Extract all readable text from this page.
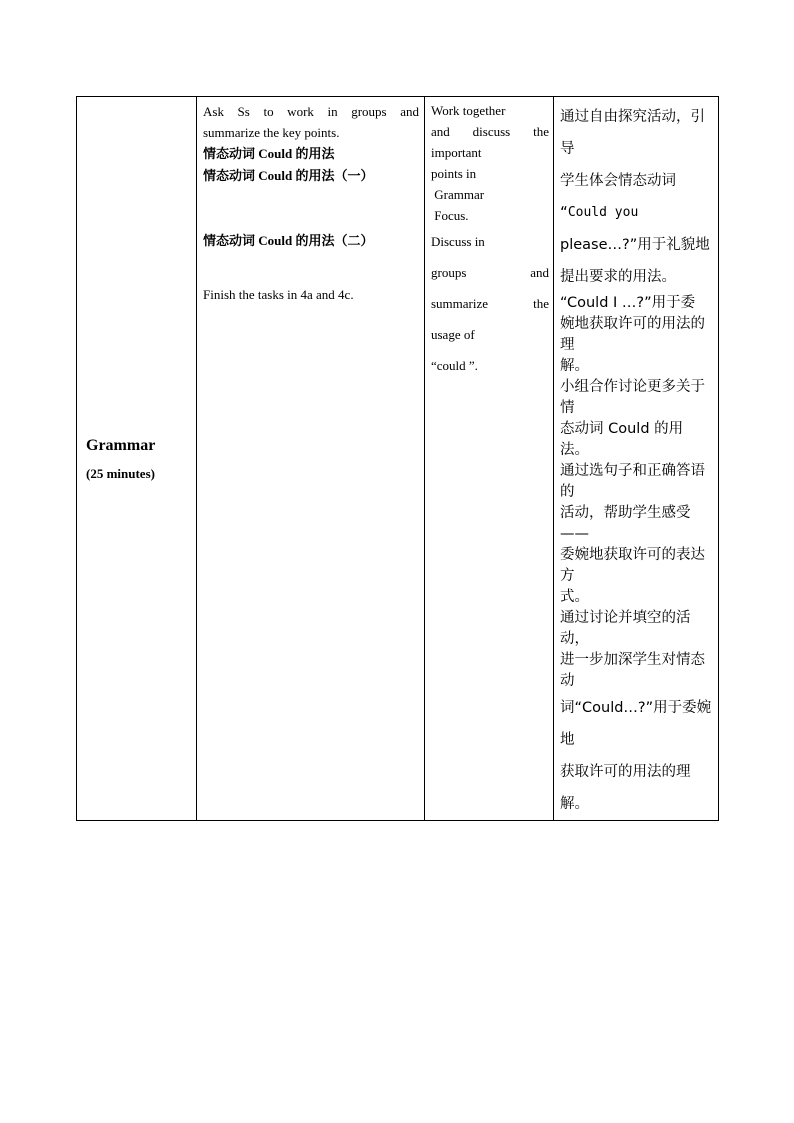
Grammar
(25 minutes)

Ask Ss to work in groups and
summarize the key points.
情态动词 Could 的用法
情态动词 Could 的用法（一）
情态动词 Could 的用法（二）
Finish the tasks in 4a and 4c.

Work together
and discuss the
important
points in
Grammar
Focus.
Discuss in
groups and
summarize the
usage of
“could ”.

通过自由探究活动，引导
学生体会情态动词
“Could you
please…?”用于礼貌地
提出要求的用法。
“Could I …?”用于委
婉地获取许可的用法的理
解。
小组合作讨论更多关于情
态动词 Could 的用法。
通过选句子和正确答语的
活动，帮助学生感受——
委婉地获取许可的表达方
式。
通过讨论并填空的活动，
进一步加深学生对情态动
词“Could…?”用于委婉地
获取许可的用法的理解。
